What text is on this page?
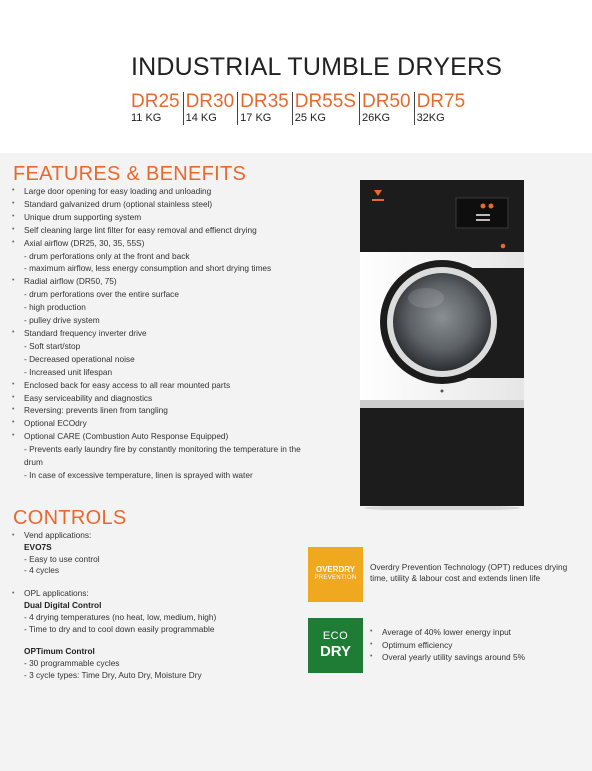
INDUSTRIAL TUMBLE DRYERS
DR25
11 KG
DR30
14 KG
DR35
17 KG
DR55S
25 KG
DR50
26KG
DR75
32KG
FEATURES & BENEFITS
• Large door opening for easy loading and unloading
• Standard galvanized drum (optional stainless steel)
• Unique drum supporting system
• Self cleaning large lint filter for easy removal and effienct drying
• Axial airflow (DR25, 30, 35, 55S)
- drum perforations only at the front and back
- maximum airflow, less energy consumption and short drying times
• Radial airflow (DR50, 75)
- drum perforations over the entire surface
- high production
- pulley drive system
• Standard frequency inverter drive
- Soft start/stop
- Decreased operational noise
- Increased unit lifespan
• Enclosed back for easy access to all rear mounted parts
• Easy serviceability and diagnostics
• Reversing: prevents linen from tangling
• Optional ECOdry
• Optional CARE (Combustion Auto Response Equipped)
- Prevents early laundry fire by constantly monitoring the temperature in the drum
- In case of excessive temperature, linen is sprayed with water
CONTROLS
• Vend applications:
EVO7S
- Easy to use control
- 4 cycles
• OPL applications:
Dual Digital Control
- 4 drying temperatures (no heat, low, medium, high)
- Time to dry and to cool down easily programmable
OPTimum Control
- 30 programmable cycles
- 3 cycle types: Time Dry, Auto Dry, Moisture Dry
OVERDRY
PREVENTION
Overdry Prevention Technology (OPT) reduces drying time, utility & labour cost and extends linen life
ECO
DRY
• Average of 40% lower energy input
• Optimum efficiency
• Overal yearly utility savings around 5%
